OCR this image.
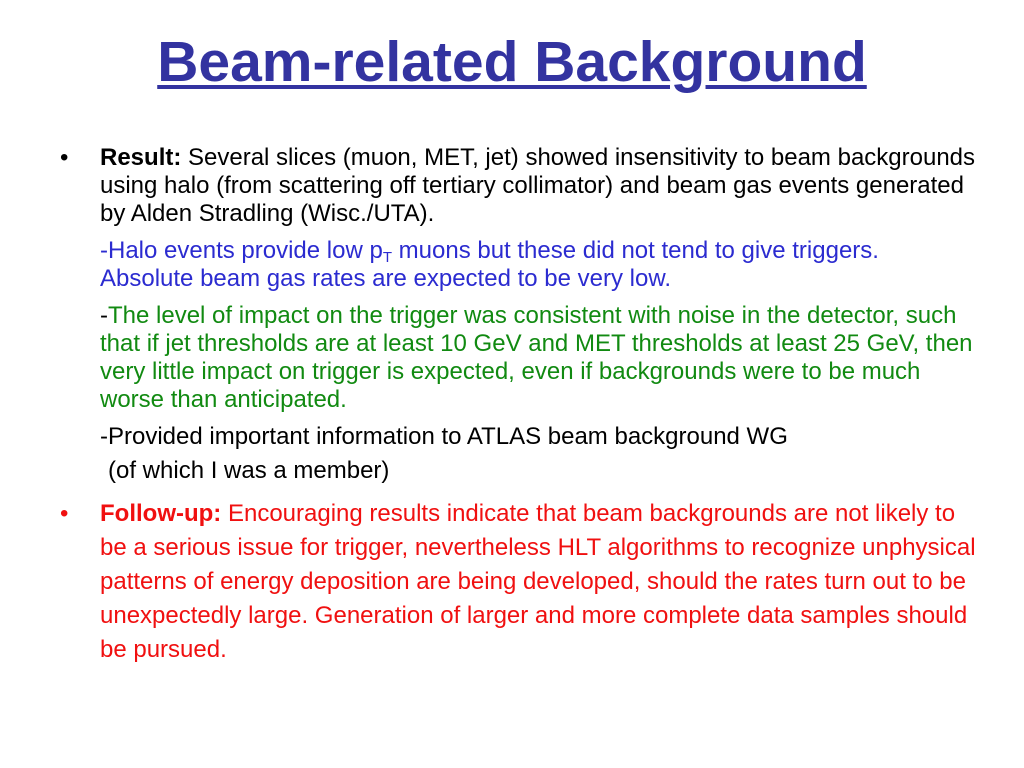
Beam-related Background
• Result: Several slices (muon, MET, jet) showed insensitivity to beam backgrounds using halo (from scattering off tertiary collimator) and beam gas events generated by Alden Stradling (Wisc./UTA).
-Halo events provide low $p_T$ muons but these did not tend to give triggers. Absolute beam gas rates are expected to be very low.
-The level of impact on the trigger was consistent with noise in the detector, such that if jet thresholds are at least 10 GeV and MET thresholds at least 25 GeV, then very little impact on trigger is expected, even if backgrounds were to be much worse than anticipated.
-Provided important information to ATLAS beam background WG
(of which I was a member)
• Follow-up: Encouraging results indicate that beam backgrounds are not likely to be a serious issue for trigger, nevertheless HLT algorithms to recognize unphysical patterns of energy deposition are being developed, should the rates turn out to be unexpectedly large. Generation of larger and more complete data samples should be pursued.
